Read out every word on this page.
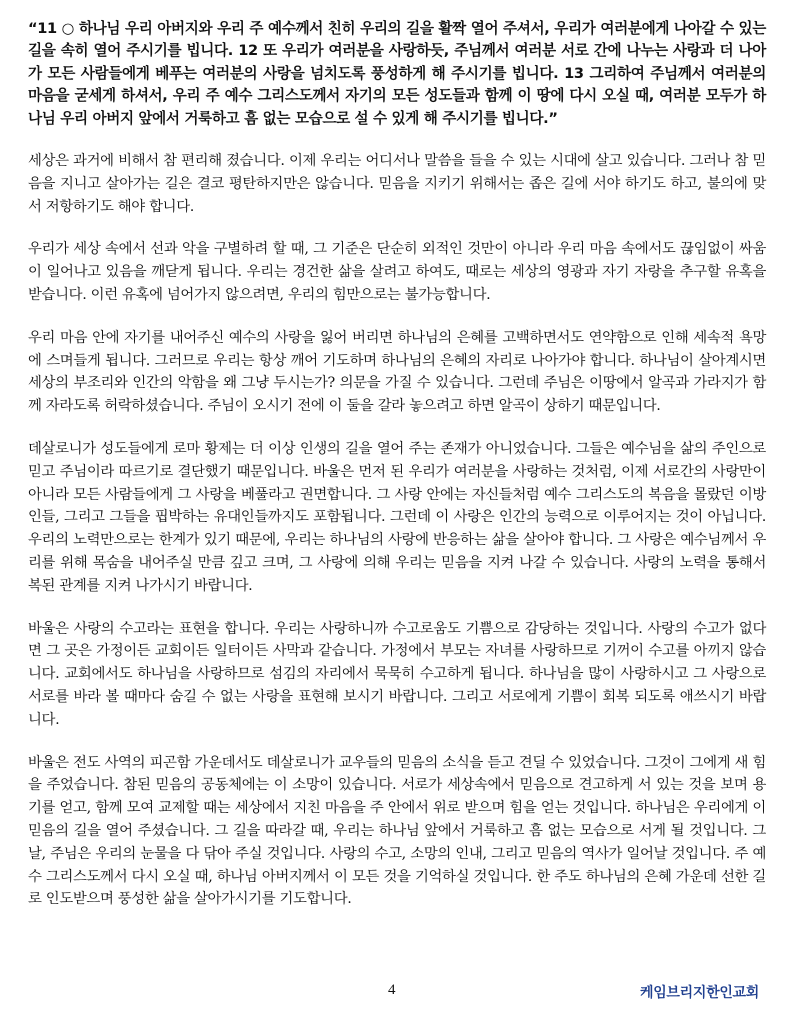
“11 ○ 하나님 우리 아버지와 우리 주 예수께서 친히 우리의 길을 활짝 열어 주셔서, 우리가 여러분에게 나아갈 수 있는 길을 속히 열어 주시기를 빕니다. 12 또 우리가 여러분을 사랑하듯, 주님께서 여러분 서로 간에 나누는 사랑과 더 나아가 모든 사람들에게 베푸는 여러분의 사랑을 넘치도록 풍성하게 해 주시기를 빕니다. 13 그리하여 주님께서 여러분의 마음을 굳세게 하셔서, 우리 주 예수 그리스도께서 자기의 모든 성도들과 함께 이 땅에 다시 오실 때, 여러분 모두가 하나님 우리 아버지 앞에서 거룩하고 흠 없는 모습으로 설 수 있게 해 주시기를 빕니다.”

세상은 과거에 비해서 참 편리해 졌습니다. 이제 우리는 어디서나 말씀을 들을 수 있는 시대에 살고 있습니다. 그러나 참 믿음을 지니고 살아가는 길은 결코 평탄하지만은 않습니다. 믿음을 지키기 위해서는 좁은 길에 서야 하기도 하고, 불의에 맞서 저항하기도 해야 합니다.

우리가 세상 속에서 선과 악을 구별하려 할 때, 그 기준은 단순히 외적인 것만이 아니라 우리 마음 속에서도 끊임없이 싸움이 일어나고 있음을 깨닫게 됩니다. 우리는 경건한 삶을 살려고 하여도, 때로는 세상의 영광과 자기 자랑을 추구할 유혹을 받습니다. 이런 유혹에 넘어가지 않으려면, 우리의 힘만으로는 불가능합니다.

우리 마음 안에 자기를 내어주신 예수의 사랑을 잃어 버리면 하나님의 은혜를 고백하면서도 연약함으로 인해 세속적 욕망에 스며들게 됩니다. 그러므로 우리는 항상 깨어 기도하며 하나님의 은혜의 자리로 나아가야 합니다. 하나님이 살아계시면 세상의 부조리와 인간의 악함을 왜 그냥 두시는가? 의문을 가질 수 있습니다. 그런데 주님은 이땅에서 알곡과 가라지가 함께 자라도록 허락하셨습니다. 주님이 오시기 전에 이 둘을 갈라 놓으려고 하면 알곡이 상하기 때문입니다.

데살로니가 성도들에게 로마 황제는 더 이상 인생의 길을 열어 주는 존재가 아니었습니다. 그들은 예수님을 삶의 주인으로 믿고 주님이라 따르기로 결단했기 때문입니다. 바울은 먼저 된 우리가 여러분을 사랑하는 것처럼, 이제 서로간의 사랑만이 아니라 모든 사람들에게 그 사랑을 베풀라고 권면합니다. 그 사랑 안에는 자신들처럼 예수 그리스도의 복음을 몰랐던 이방인들, 그리고 그들을 핍박하는 유대인들까지도 포함됩니다. 그런데 이 사랑은 인간의 능력으로 이루어지는 것이 아닙니다. 우리의 노력만으로는 한계가 있기 때문에, 우리는 하나님의 사랑에 반응하는 삶을 살아야 합니다. 그 사랑은 예수님께서 우리를 위해 목숨을 내어주실 만큼 깊고 크며, 그 사랑에 의해 우리는 믿음을 지켜 나갈 수 있습니다. 사랑의 노력을 통해서 복된 관계를 지켜 나가시기 바랍니다.

바울은 사랑의 수고라는 표현을 합니다. 우리는 사랑하니까 수고로움도 기쁨으로 감당하는 것입니다. 사랑의 수고가 없다면 그 곳은 가정이든 교회이든 일터이든 사막과 같습니다. 가정에서 부모는 자녀를 사랑하므로 기꺼이 수고를 아끼지 않습니다. 교회에서도 하나님을 사랑하므로 섬김의 자리에서 묵묵히 수고하게 됩니다. 하나님을 많이 사랑하시고 그 사랑으로 서로를 바라 볼 때마다 숨길 수 없는 사랑을 표현해 보시기 바랍니다. 그리고 서로에게 기쁨이 회복 되도록 애쓰시기 바랍니다.

바울은 전도 사역의 피곤함 가운데서도 데살로니가 교우들의 믿음의 소식을 듣고 견딜 수 있었습니다. 그것이 그에게 새 힘을 주었습니다. 참된 믿음의 공동체에는 이 소망이 있습니다. 서로가 세상속에서 믿음으로 견고하게 서 있는 것을 보며 용기를 얻고, 함께 모여 교제할 때는 세상에서 지친 마음을 주 안에서 위로 받으며 힘을 얻는 것입니다. 하나님은 우리에게 이 믿음의 길을 열어 주셨습니다. 그 길을 따라갈 때, 우리는 하나님 앞에서 거룩하고 흠 없는 모습으로 서게 될 것입니다. 그날, 주님은 우리의 눈물을 다 닦아 주실 것입니다. 사랑의 수고, 소망의 인내, 그리고 믿음의 역사가 일어날 것입니다. 주 예수 그리스도께서 다시 오실 때, 하나님 아버지께서 이 모든 것을 기억하실 것입니다. 한 주도 하나님의 은혜 가운데 선한 길로 인도받으며 풍성한 삶을 살아가시기를 기도합니다.

4	케임브리지한인교회
